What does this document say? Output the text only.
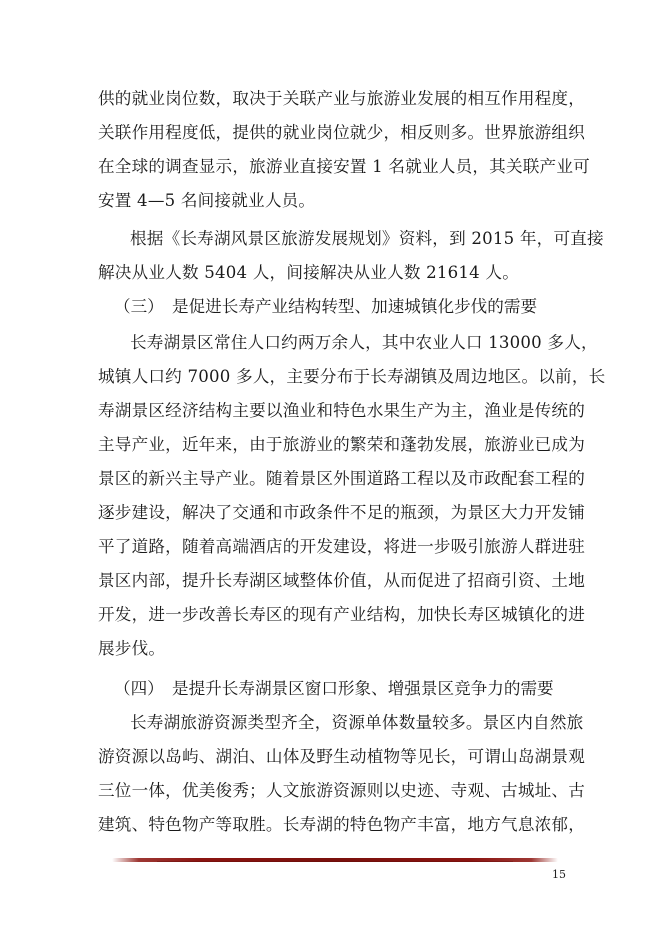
供的就业岗位数，取决于关联产业与旅游业发展的相互作用程度，
关联作用程度低，提供的就业岗位就少，相反则多。世界旅游组织
在全球的调查显示，旅游业直接安置 1 名就业人员，其关联产业可
安置 4—5 名间接就业人员。
根据《长寿湖风景区旅游发展规划》资料，到 2015 年，可直接
解决从业人数 5404 人，间接解决从业人数 21614 人。
（三） 是促进长寿产业结构转型、加速城镇化步伐的需要
长寿湖景区常住人口约两万余人，其中农业人口 13000 多人，
城镇人口约 7000 多人，主要分布于长寿湖镇及周边地区。以前，长
寿湖景区经济结构主要以渔业和特色水果生产为主，渔业是传统的
主导产业，近年来，由于旅游业的繁荣和蓬勃发展，旅游业已成为
景区的新兴主导产业。随着景区外围道路工程以及市政配套工程的
逐步建设，解决了交通和市政条件不足的瓶颈，为景区大力开发铺
平了道路，随着高端酒店的开发建设，将进一步吸引旅游人群进驻
景区内部，提升长寿湖区域整体价值，从而促进了招商引资、土地
开发，进一步改善长寿区的现有产业结构，加快长寿区城镇化的进
展步伐。
（四） 是提升长寿湖景区窗口形象、增强景区竞争力的需要
长寿湖旅游资源类型齐全，资源单体数量较多。景区内自然旅
游资源以岛屿、湖泊、山体及野生动植物等见长，可谓山岛湖景观
三位一体，优美俊秀；人文旅游资源则以史迹、寺观、古城址、古
建筑、特色物产等取胜。长寿湖的特色物产丰富，地方气息浓郁，
15
